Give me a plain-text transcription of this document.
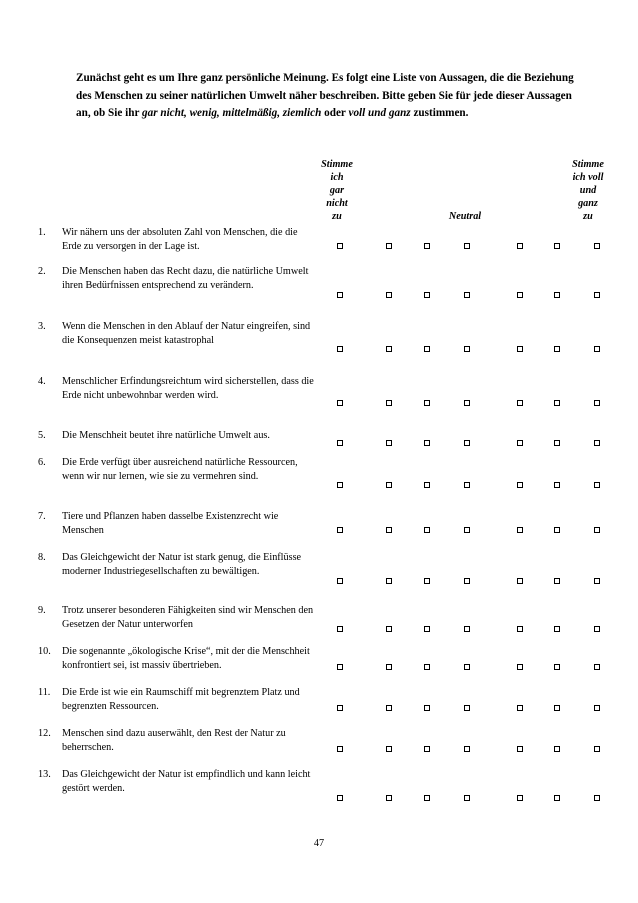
Zunächst geht es um Ihre ganz persönliche Meinung. Es folgt eine Liste von Aussagen, die die Beziehung des Menschen zu seiner natürlichen Umwelt näher beschreiben. Bitte geben Sie für jede dieser Aussagen an, ob Sie ihr gar nicht, wenig, mittelmäßig, ziemlich oder voll und ganz zustimmen.

Stimme
ich
gar
nicht
zu	Neutral
Stimme
ich voll
und
ganz
zu
1.	Wir nähern uns der absoluten Zahl von Menschen, die die Erde zu versorgen in der Lage ist.
2.	Die Menschen haben das Recht dazu, die natürliche Umwelt ihren Bedürfnissen entsprechend zu verändern.
3.	Wenn die Menschen in den Ablauf der Natur eingreifen, sind die Konsequenzen meist katastrophal
4.	Menschlicher Erfindungsreichtum wird sicherstellen, dass die Erde nicht unbewohnbar werden wird.
5.	Die Menschheit beutet ihre natürliche Umwelt aus.
6.	Die Erde verfügt über ausreichend natürliche Ressourcen, wenn wir nur lernen, wie sie zu vermehren sind.
7.	Tiere und Pflanzen haben dasselbe Existenzrecht wie Menschen
8.	Das Gleichgewicht der Natur ist stark genug, die Einflüsse moderner Industriegesellschaften zu bewältigen.
9.	Trotz unserer besonderen Fähigkeiten sind wir Menschen den Gesetzen der Natur unterworfen
10.	Die sogenannte „ökologische Krise“, mit der die Menschheit konfrontiert sei, ist massiv übertrieben.
11.	Die Erde ist wie ein Raumschiff mit begrenztem Platz und begrenzten Ressourcen.
12.	Menschen sind dazu auserwählt, den Rest der Natur zu beherrschen.
13.	Das Gleichgewicht der Natur ist empfindlich und kann leicht gestört werden.
47
